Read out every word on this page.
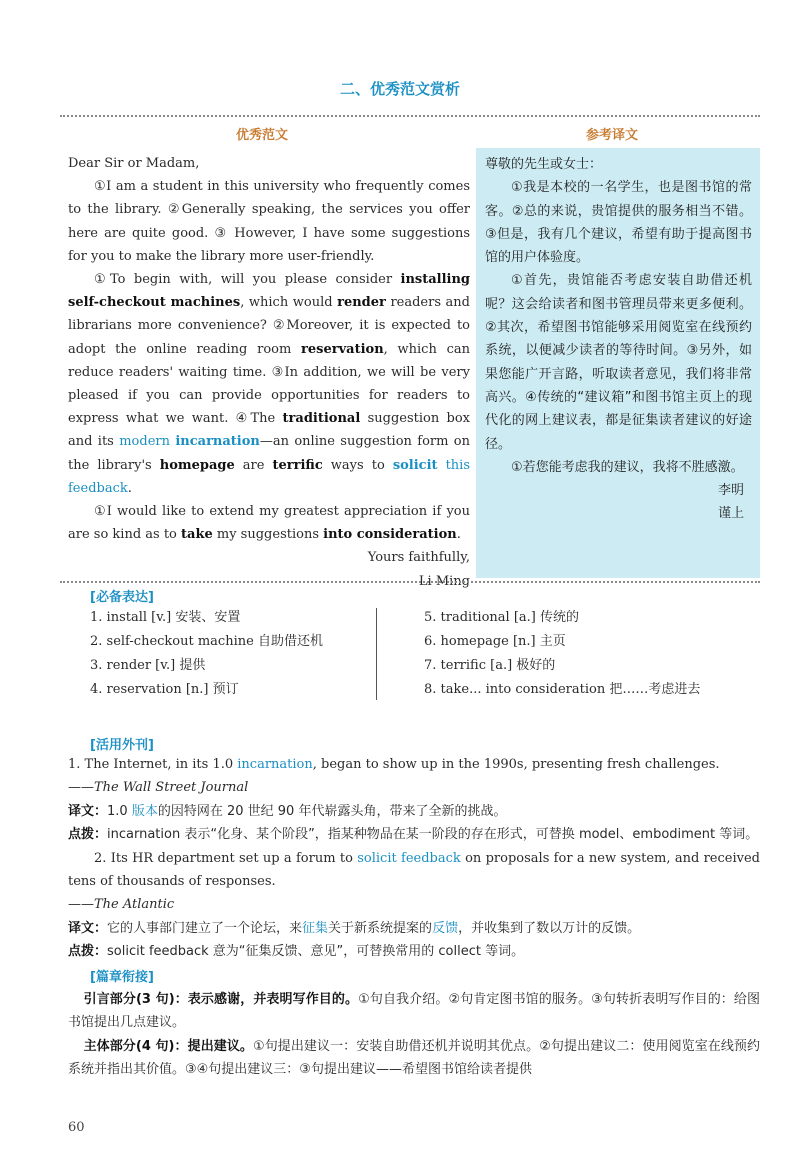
二、优秀范文赏析
优秀范文	参考译文

Dear Sir or Madam,

①I am a student in this university who frequently comes to the library. ②Generally speaking, the services you offer here are quite good. ③ However, I have some suggestions for you to make the library more user-friendly.

①To begin with, will you please consider installing self-checkout machines, which would render readers and librarians more convenience? ②Moreover, it is expected to adopt the online reading room reservation, which can reduce readers' waiting time. ③In addition, we will be very pleased if you can provide opportunities for readers to express what we want. ④The traditional suggestion box and its modern incarnation—an online suggestion form on the library's homepage are terrific ways to solicit this feedback.

①I would like to extend my greatest appreciation if you are so kind as to take my suggestions into consideration.

Yours faithfully,

Li Ming

尊敬的先生或女士：

①我是本校的一名学生，也是图书馆的常客。②总的来说，贵馆提供的服务相当不错。③但是，我有几个建议，希望有助于提高图书馆的用户体验度。

①首先，贵馆能否考虑安装自助借还机呢？这会给读者和图书管理员带来更多便利。②其次，希望图书馆能够采用阅览室在线预约系统，以便减少读者的等待时间。③另外，如果您能广开言路，听取读者意见，我们将非常高兴。④传统的“建议箱”和图书馆主页上的现代化的网上建议表，都是征集读者建议的好途径。

①若您能考虑我的建议，我将不胜感激。

李明

谨上

[必备表达]
1. install [v.] 安装、安置
2. self-checkout machine 自助借还机
3. render [v.] 提供
4. reservation [n.] 预订
5. traditional [a.] 传统的
6. homepage [n.] 主页
7. terrific [a.] 极好的
8. take... into consideration 把……考虑进去
[活用外刊]

1. The Internet, in its 1.0 incarnation, began to show up in the 1990s, presenting fresh challenges.

——The Wall Street Journal

译文：1.0 版本的因特网在 20 世纪 90 年代崭露头角，带来了全新的挑战。

点拨：incarnation 表示“化身、某个阶段”，指某种物品在某一阶段的存在形式，可替换 model、embodiment 等词。

2. Its HR department set up a forum to solicit feedback on proposals for a new system, and received tens of thousands of responses.

——The Atlantic

译文：它的人事部门建立了一个论坛，来征集关于新系统提案的反馈，并收集到了数以万计的反馈。

点拨：solicit feedback 意为“征集反馈、意见”，可替换常用的 collect 等词。

[篇章衔接]

引言部分(3 句)：表示感谢，并表明写作目的。①句自我介绍。②句肯定图书馆的服务。③句转折表明写作目的：给图书馆提出几点建议。

主体部分(4 句)：提出建议。①句提出建议一：安装自助借还机并说明其优点。②句提出建议二：使用阅览室在线预约系统并指出其价值。③④句提出建议三：③句提出建议——希望图书馆给读者提供

60
